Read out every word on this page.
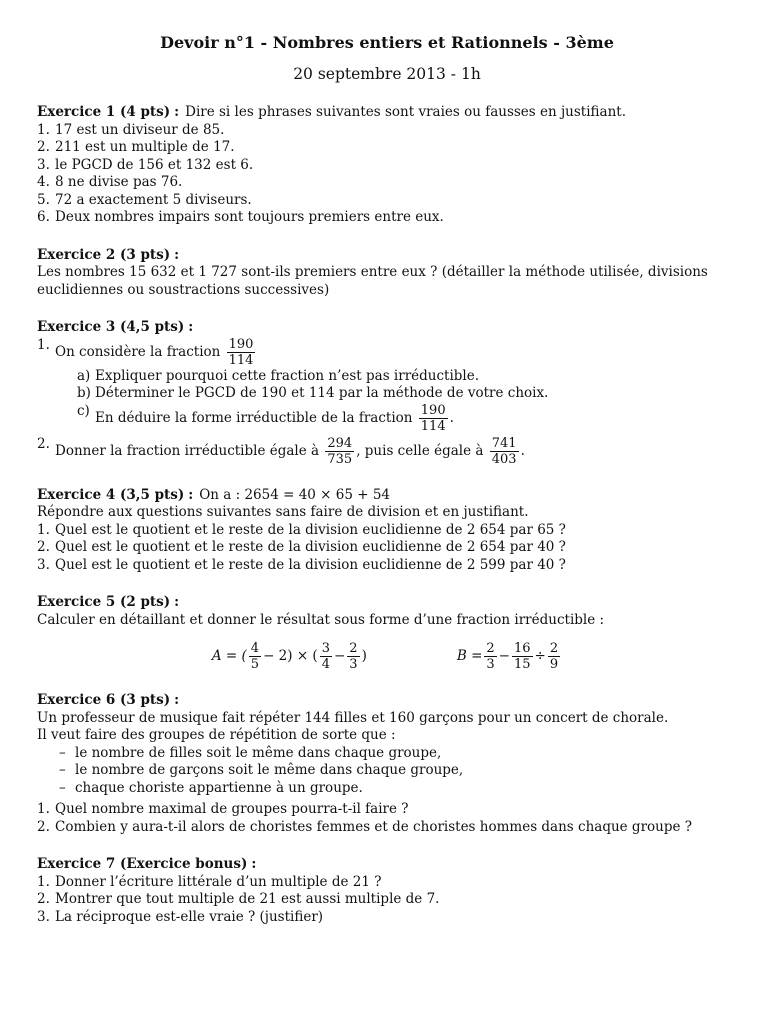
Devoir n°1 - Nombres entiers et Rationnels - 3ème
20 septembre 2013 - 1h
Exercice 1 (4 pts) : Dire si les phrases suivantes sont vraies ou fausses en justifiant.
1. 17 est un diviseur de 85.
2. 211 est un multiple de 17.
3. le PGCD de 156 et 132 est 6.
4. 8 ne divise pas 76.
5. 72 a exactement 5 diviseurs.
6. Deux nombres impairs sont toujours premiers entre eux.
Exercice 2 (3 pts) :
Les nombres 15 632 et 1 727 sont-ils premiers entre eux ? (détailler la méthode utilisée, divisions euclidiennes ou soustractions successives)
Exercice 3 (4,5 pts) :
1. On considère la fraction $\frac{190}{114}$
a) Expliquer pourquoi cette fraction n’est pas irréductible.
b) Déterminer le PGCD de 190 et 114 par la méthode de votre choix.
c) En déduire la forme irréductible de la fraction $\frac{190}{114}$ .
2. Donner la fraction irréductible égale à $\frac{294}{735}$ , puis celle égale à $\frac{741}{403}$ .
Exercice 4 (3,5 pts) : On a : 2654 = 40 × 65 + 54
Répondre aux questions suivantes sans faire de division et en justifiant.
1. Quel est le quotient et le reste de la division euclidienne de 2 654 par 65 ?
2. Quel est le quotient et le reste de la division euclidienne de 2 654 par 40 ?
3. Quel est le quotient et le reste de la division euclidienne de 2 599 par 40 ?
Exercice 5 (2 pts) :
Calculer en détaillant et donner le résultat sous forme d’une fraction irréductible :
A = ( $\frac{4}{5} - 2$) × ( $\frac{3}{4} - \frac{2}{3}$ )	$B = \frac{2}{3} - \frac{16}{15} \div \frac{2}{9}$
Exercice 6 (3 pts) :
Un professeur de musique fait répéter 144 filles et 160 garçons pour un concert de chorale.
Il veut faire des groupes de répétition de sorte que :
– le nombre de filles soit le même dans chaque groupe,
– le nombre de garçons soit le même dans chaque groupe,
– chaque choriste appartienne à un groupe.
1. Quel nombre maximal de groupes pourra-t-il faire ?
2. Combien y aura-t-il alors de choristes femmes et de choristes hommes dans chaque groupe ?
Exercice 7 (Exercice bonus) :
1. Donner l’écriture littérale d’un multiple de 21 ?
2. Montrer que tout multiple de 21 est aussi multiple de 7.
3. La réciproque est-elle vraie ? (justifier)
